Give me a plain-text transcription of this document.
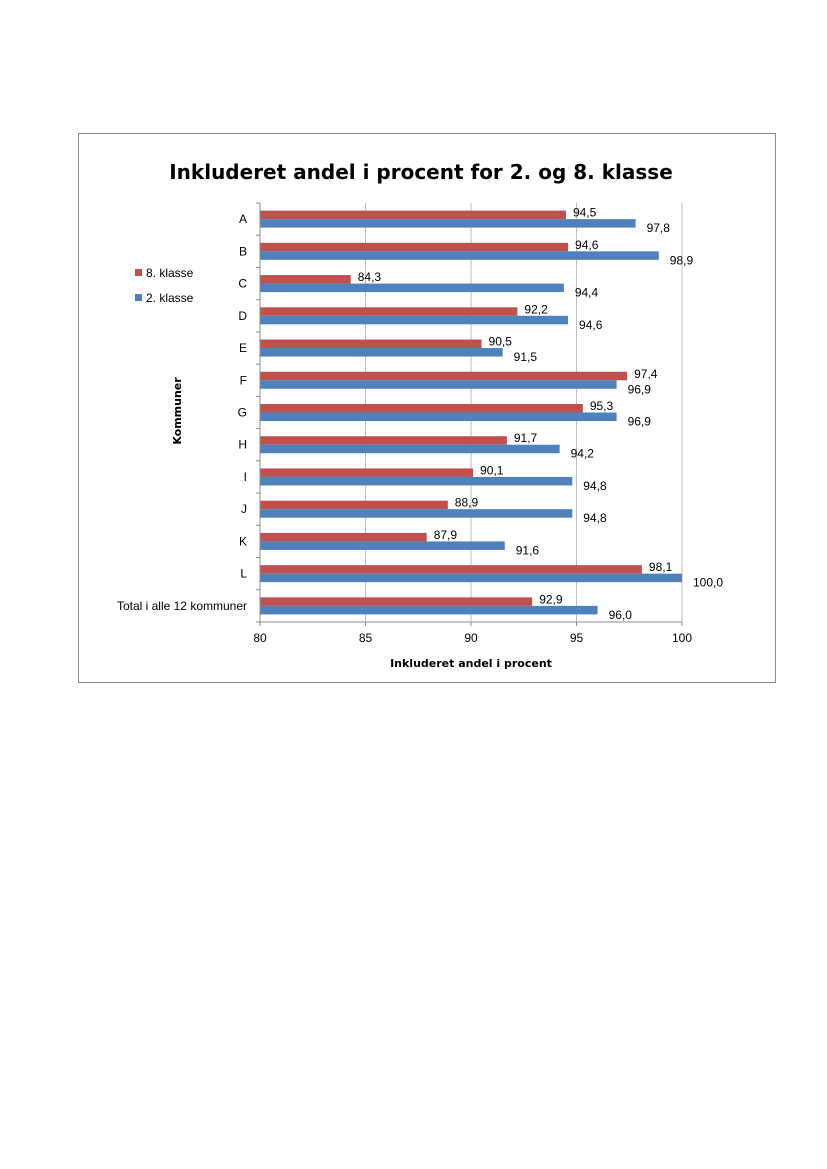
Inkluderet andel i procent for 2. og 8. klasse
80	85	90	95	100
A
B
C
D
E
F
G
H
I
J
K
L
Total i alle 12 kommuner
94,5
97,8
94,6
98,9
84,3
94,4
92,2
94,6
90,5
91,5
97,4
96,9
95,3
96,9
91,7
94,2
90,1
94,8
88,9
94,8
87,9
91,6
98,1
100,0
92,9
96,0
8. klasse
2. klasse
Inkluderet andel i procent
Kommuner
